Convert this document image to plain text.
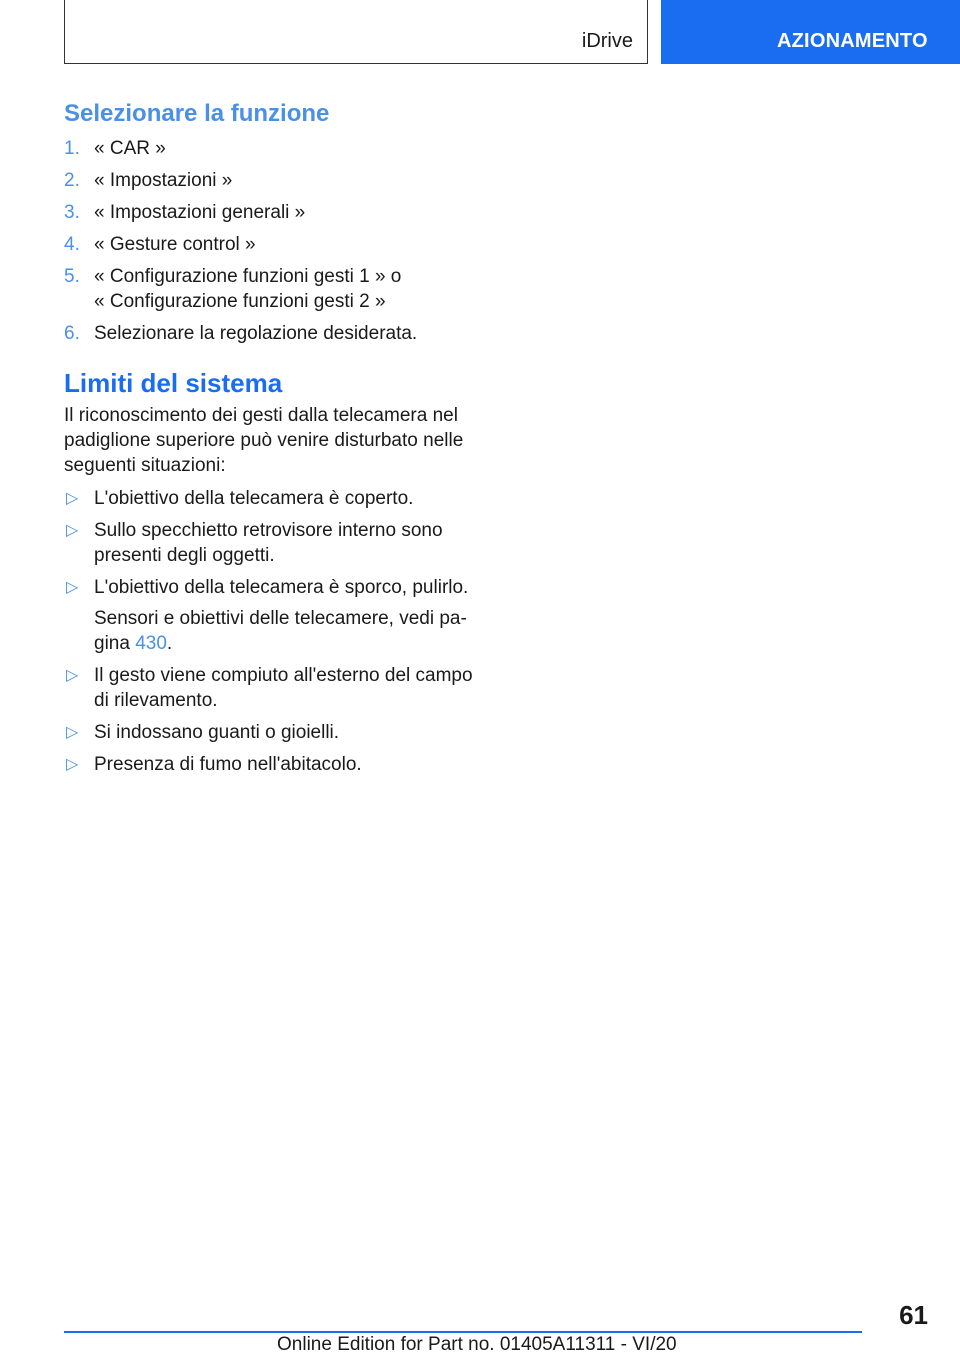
iDrive	AZIONAMENTO
Selezionare la funzione
1. « CAR »
2. « Impostazioni »
3. « Impostazioni generali »
4. « Gesture control »
5. « Configurazione funzioni gesti 1 » o
« Configurazione funzioni gesti 2 »
6. Selezionare la regolazione desiderata.
Limiti del sistema

Il riconoscimento dei gesti dalla telecamera nel padiglione superiore può venire disturbato nelle seguenti situazioni:

▷ L'obiettivo della telecamera è coperto.
▷ Sullo specchietto retrovisore interno sono presenti degli oggetti.
▷ L'obiettivo della telecamera è sporco, pulirlo.

Sensori e obiettivi delle telecamere, vedi pa‐gina 430.

▷ Il gesto viene compiuto all'esterno del campo di rilevamento.
▷ Si indossano guanti o gioielli.
▷ Presenza di fumo nell'abitacolo.
61
Online Edition for Part no. 01405A11311 - VI/20
